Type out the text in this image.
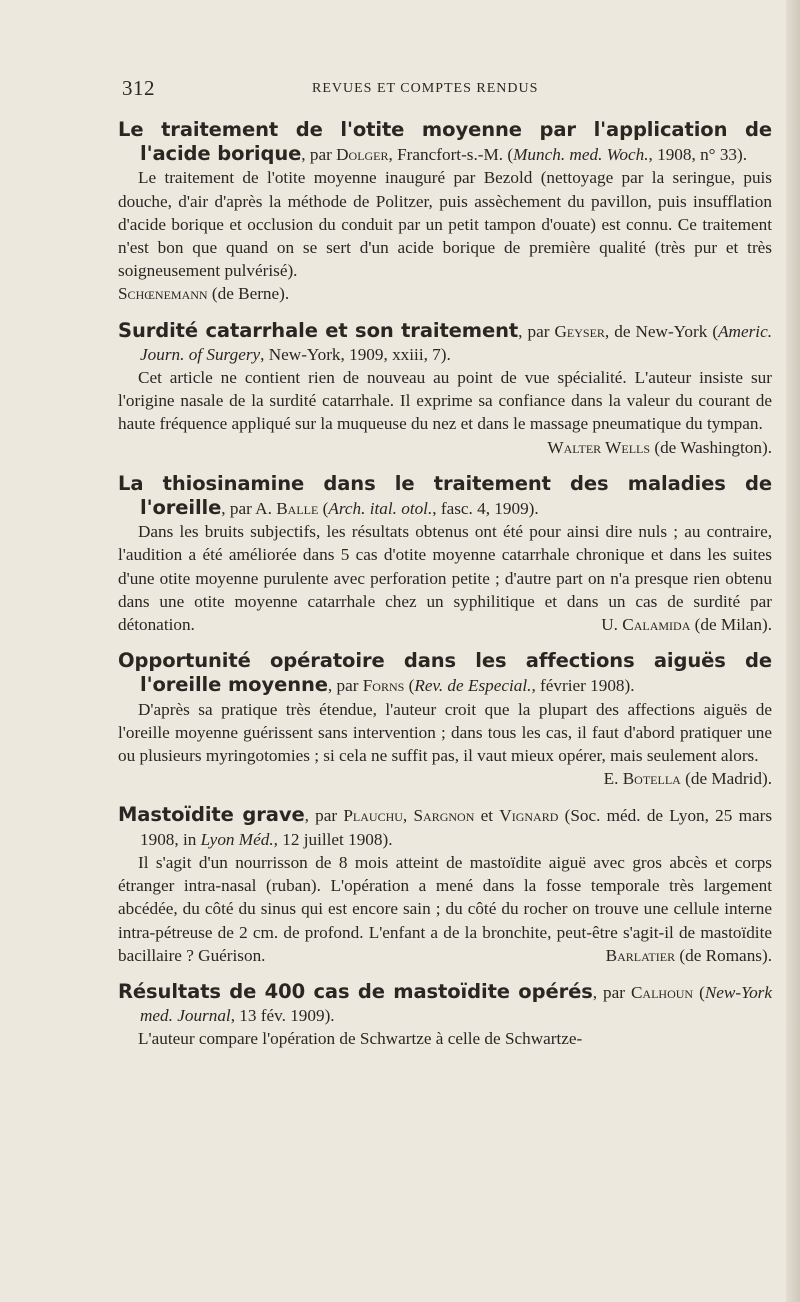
312	REVUES ET COMPTES RENDUS

Le traitement de l'otite moyenne par l'application de l'acide borique, par Dolger, Francfort-s.-M. (Munch. med. Woch., 1908, n° 33).

Le traitement de l'otite moyenne inauguré par Bezold (nettoyage par la seringue, puis douche, d'air d'après la méthode de Politzer, puis assèchement du pavillon, puis insufflation d'acide borique et occlusion du conduit par un petit tampon d'ouate) est connu. Ce traitement n'est bon que quand on se sert d'un acide borique de première qualité (très pur et très soigneusement pulvérisé).

Schœnemann (de Berne).

Surdité catarrhale et son traitement, par Geyser, de New-York (Americ. Journ. of Surgery, New-York, 1909, xxiii, 7).

Cet article ne contient rien de nouveau au point de vue spécialité. L'auteur insiste sur l'origine nasale de la surdité catarrhale. Il exprime sa confiance dans la valeur du courant de haute fréquence appliqué sur la muqueuse du nez et dans le massage pneumatique du tympan.
Walter Wells (de Washington).

La thiosinamine dans le traitement des maladies de l'oreille, par A. Balle (Arch. ital. otol., fasc. 4, 1909).

Dans les bruits subjectifs, les résultats obtenus ont été pour ainsi dire nuls ; au contraire, l'audition a été améliorée dans 5 cas d'otite moyenne catarrhale chronique et dans les suites d'une otite moyenne purulente avec perforation petite ; d'autre part on n'a presque rien obtenu dans une otite moyenne catarrhale chez un syphilitique et dans un cas de surdité par détonation.	U. Calamida (de Milan).

Opportunité opératoire dans les affections aiguës de l'oreille moyenne, par Forns (Rev. de Especial., février 1908).

D'après sa pratique très étendue, l'auteur croit que la plupart des affections aiguës de l'oreille moyenne guérissent sans intervention ; dans tous les cas, il faut d'abord pratiquer une ou plusieurs myringotomies ; si cela ne suffit pas, il vaut mieux opérer, mais seulement alors.
E. Botella (de Madrid).

Mastoïdite grave, par Plauchu, Sargnon et Vignard (Soc. méd. de Lyon, 25 mars 1908, in Lyon Méd., 12 juillet 1908).

Il s'agit d'un nourrisson de 8 mois atteint de mastoïdite aiguë avec gros abcès et corps étranger intra-nasal (ruban). L'opération a mené dans la fosse temporale très largement abcédée, du côté du sinus qui est encore sain ; du côté du rocher on trouve une cellule interne intra-pétreuse de 2 cm. de profond. L'enfant a de la bronchite, peut-être s'agit-il de mastoïdite bacillaire ? Guérison.	Barlatier (de Romans).

Résultats de 400 cas de mastoïdite opérés, par Calhoun (New-York med. Journal, 13 fév. 1909).

L'auteur compare l'opération de Schwartze à celle de Schwartze-
